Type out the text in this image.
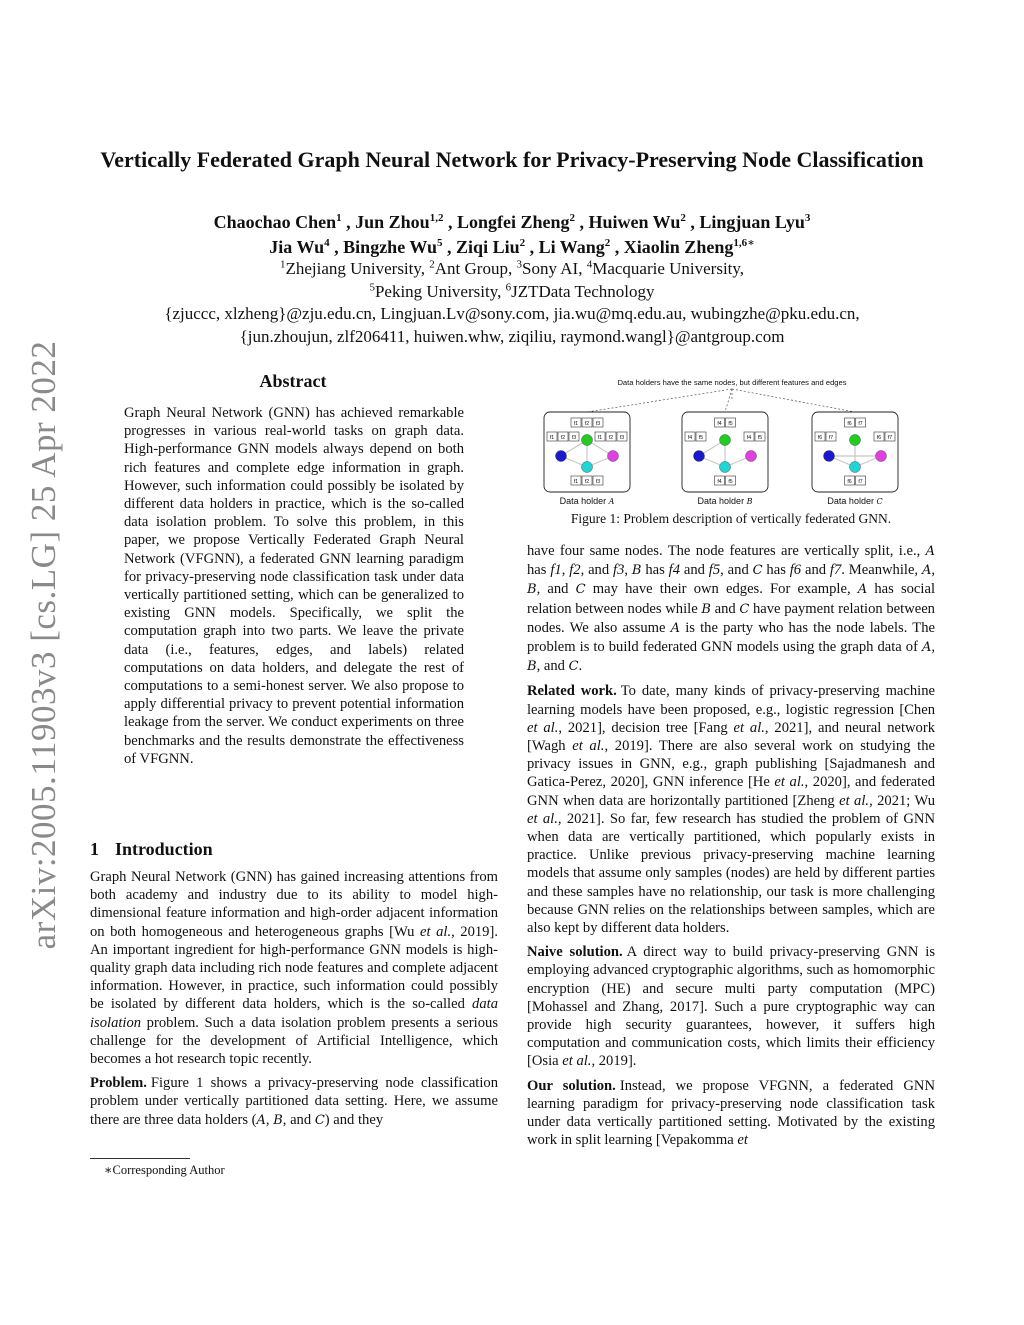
arXiv:2005.11903v3 [cs.LG] 25 Apr 2022
Vertically Federated Graph Neural Network for Privacy-Preserving Node Classification
Chaochao Chen$^1$ , Jun Zhou$^{1,2}$ , Longfei Zheng$^2$ , Huiwen Wu$^2$ , Lingjuan Lyu$^3$
Jia Wu$^4$ , Bingzhe Wu$^5$ , Ziqi Liu$^2$ , Li Wang$^2$ , Xiaolin Zheng$^{1,6∗}$
$^1$Zhejiang University, $^2$Ant Group, $^3$Sony AI, $^4$Macquarie University,
$^5$Peking University, $^6$JZTData Technology
{zjuccc, xlzheng}@zju.edu.cn, Lingjuan.Lv@sony.com, jia.wu@mq.edu.au, wubingzhe@pku.edu.cn,
{jun.zhoujun, zlf206411, huiwen.whw, ziqiliu, raymond.wangl}@antgroup.com
Abstract
Graph Neural Network (GNN) has achieved remarkable progresses in various real-world tasks on graph data. High-performance GNN models always depend on both rich features and complete edge information in graph. However, such information could possibly be isolated by different data holders in practice, which is the so-called data isolation problem. To solve this problem, in this paper, we propose Vertically Federated Graph Neural Network (VFGNN), a federated GNN learning paradigm for privacy-preserving node classification task under data vertically partitioned setting, which can be generalized to existing GNN models. Specifically, we split the computation graph into two parts. We leave the private data (i.e., features, edges, and labels) related computations on data holders, and delegate the rest of computations to a semi-honest server. We also propose to apply differential privacy to prevent potential information leakage from the server. We conduct experiments on three benchmarks and the results demonstrate the effectiveness of VFGNN.
1 Introduction

Graph Neural Network (GNN) has gained increasing attentions from both academy and industry due to its ability to model high-dimensional feature information and high-order adjacent information on both homogeneous and heterogeneous graphs [Wu et al., 2019]. An important ingredient for high-performance GNN models is high-quality graph data including rich node features and complete adjacent information. However, in practice, such information could possibly be isolated by different data holders, which is the so-called data isolation problem. Such a data isolation problem presents a serious challenge for the development of Artificial Intelligence, which becomes a hot research topic recently.

Problem. Figure 1 shows a privacy-preserving node classification problem under vertically partitioned data setting. Here, we assume there are three data holders (A, B, and C) and they

∗Corresponding Author
Data holders have the same nodes, but different features and edges
f1 f2 f3
f1 f2 f3	f1 f2 f3
f1 f2 f3
Data holder A
f4 f5
f4 f5	f4 f5
f4 f5
Data holder B
f6 f7
f6 f7	f6 f7
f6 f7
Data holder C
Figure 1: Problem description of vertically federated GNN.

have four same nodes. The node features are vertically split, i.e., A has f1, f2, and f3, B has f4 and f5, and C has f6 and f7. Meanwhile, A, B, and C may have their own edges. For example, A has social relation between nodes while B and C have payment relation between nodes. We also assume A is the party who has the node labels. The problem is to build federated GNN models using the graph data of A, B, and C.

Related work. To date, many kinds of privacy-preserving machine learning models have been proposed, e.g., logistic regression [Chen et al., 2021], decision tree [Fang et al., 2021], and neural network [Wagh et al., 2019]. There are also several work on studying the privacy issues in GNN, e.g., graph publishing [Sajadmanesh and Gatica-Perez, 2020], GNN inference [He et al., 2020], and federated GNN when data are horizontally partitioned [Zheng et al., 2021; Wu et al., 2021]. So far, few research has studied the problem of GNN when data are vertically partitioned, which popularly exists in practice. Unlike previous privacy-preserving machine learning models that assume only samples (nodes) are held by different parties and these samples have no relationship, our task is more challenging because GNN relies on the relationships between samples, which are also kept by different data holders.

Naive solution. A direct way to build privacy-preserving GNN is employing advanced cryptographic algorithms, such as homomorphic encryption (HE) and secure multi party computation (MPC) [Mohassel and Zhang, 2017]. Such a pure cryptographic way can provide high security guarantees, however, it suffers high computation and communication costs, which limits their efficiency [Osia et al., 2019].

Our solution. Instead, we propose VFGNN, a federated GNN learning paradigm for privacy-preserving node classification task under data vertically partitioned setting. Motivated by the existing work in split learning [Vepakomma et
